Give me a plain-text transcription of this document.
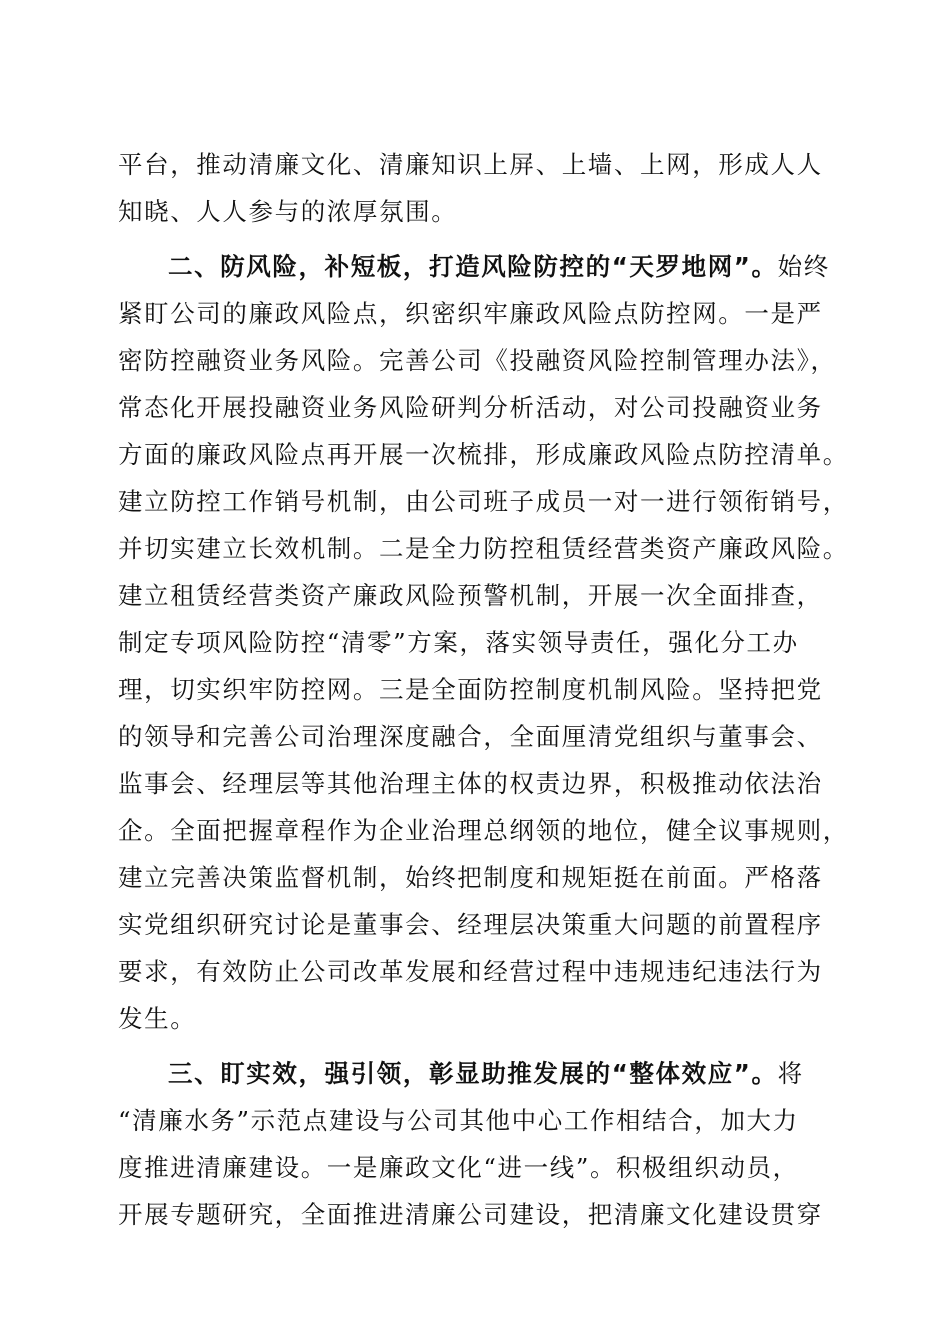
平台，推动清廉文化、清廉知识上屏、上墙、上网，形成人人
知晓、人人参与的浓厚氛围。
二、防风险，补短板，打造风险防控的“天罗地网”。始终
紧盯公司的廉政风险点，织密织牢廉政风险点防控网。一是严
密防控融资业务风险。完善公司《投融资风险控制管理办法》，
常态化开展投融资业务风险研判分析活动，对公司投融资业务
方面的廉政风险点再开展一次梳排，形成廉政风险点防控清单。
建立防控工作销号机制，由公司班子成员一对一进行领衔销号，
并切实建立长效机制。二是全力防控租赁经营类资产廉政风险。
建立租赁经营类资产廉政风险预警机制，开展一次全面排查，
制定专项风险防控“清零”方案，落实领导责任，强化分工办
理，切实织牢防控网。三是全面防控制度机制风险。坚持把党
的领导和完善公司治理深度融合，全面厘清党组织与董事会、
监事会、经理层等其他治理主体的权责边界，积极推动依法治
企。全面把握章程作为企业治理总纲领的地位，健全议事规则，
建立完善决策监督机制，始终把制度和规矩挺在前面。严格落
实党组织研究讨论是董事会、经理层决策重大问题的前置程序
要求，有效防止公司改革发展和经营过程中违规违纪违法行为
发生。
三、盯实效，强引领，彰显助推发展的“整体效应”。将
“清廉水务”示范点建设与公司其他中心工作相结合，加大力
度推进清廉建设。一是廉政文化“进一线”。积极组织动员，
开展专题研究，全面推进清廉公司建设，把清廉文化建设贯穿
